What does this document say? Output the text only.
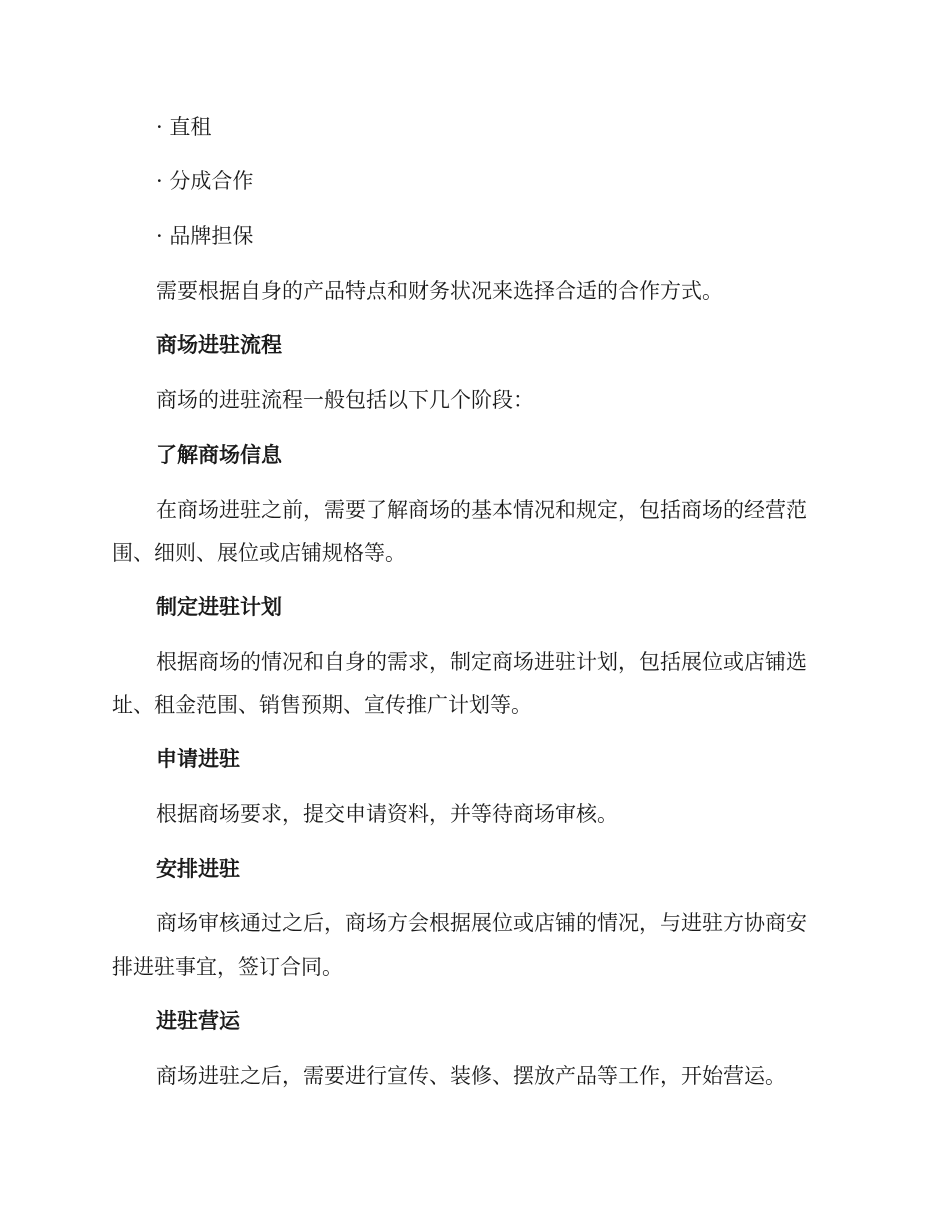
· 直租
· 分成合作
· 品牌担保
需要根据自身的产品特点和财务状况来选择合适的合作方式。
商场进驻流程
商场的进驻流程一般包括以下几个阶段：
了解商场信息
在商场进驻之前，需要了解商场的基本情况和规定，包括商场的经营范
围、细则、展位或店铺规格等。
制定进驻计划
根据商场的情况和自身的需求，制定商场进驻计划，包括展位或店铺选
址、租金范围、销售预期、宣传推广计划等。
申请进驻
根据商场要求，提交申请资料，并等待商场审核。
安排进驻
商场审核通过之后，商场方会根据展位或店铺的情况，与进驻方协商安
排进驻事宜，签订合同。
进驻营运
商场进驻之后，需要进行宣传、装修、摆放产品等工作，开始营运。
